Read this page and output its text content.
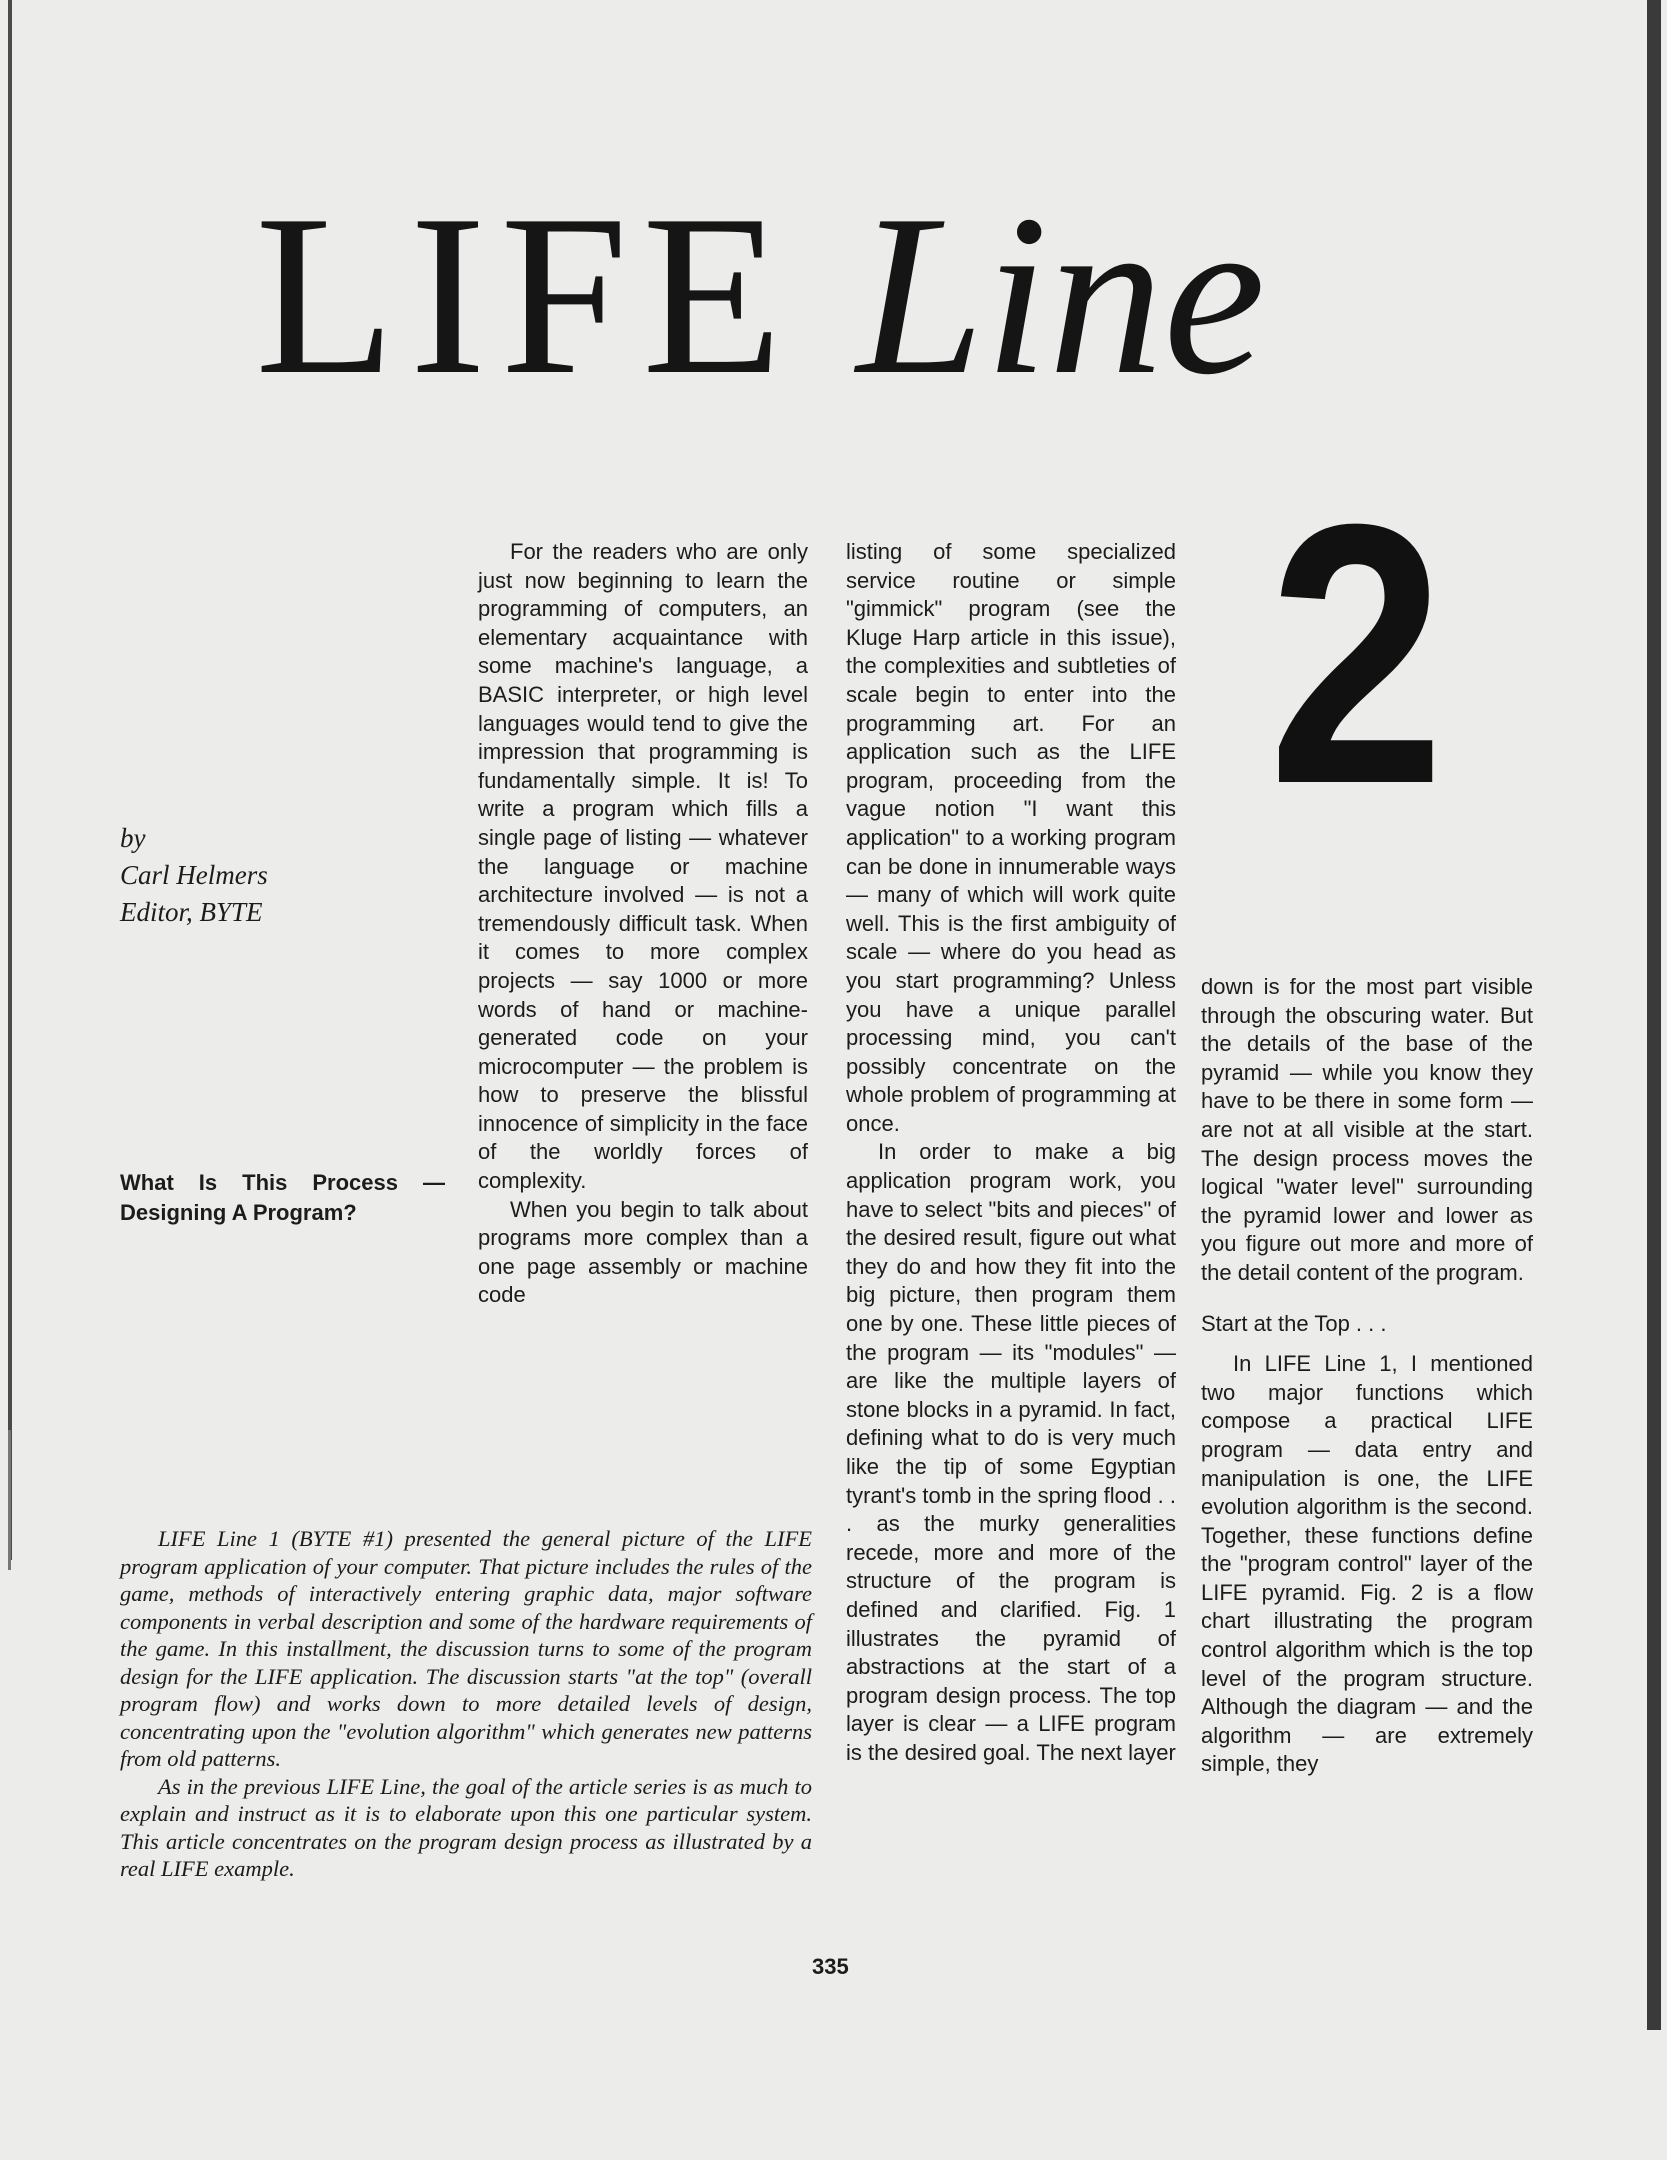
LIFE Line
2
by
Carl Helmers
Editor, BYTE
What Is This Process — Designing A Program?

For the readers who are only just now beginning to learn the programming of computers, an elementary acquaintance with some machine's language, a BASIC interpreter, or high level languages would tend to give the impression that programming is fundamentally simple. It is! To write a program which fills a single page of listing — whatever the language or machine architecture involved — is not a tremendously difficult task. When it comes to more complex projects — say 1000 or more words of hand or machine-generated code on your microcomputer — the problem is how to preserve the blissful innocence of simplicity in the face of the worldly forces of complexity.

When you begin to talk about programs more complex than a one page assembly or machine code

listing of some specialized service routine or simple "gimmick" program (see the Kluge Harp article in this issue), the complexities and subtleties of scale begin to enter into the programming art. For an application such as the LIFE program, proceeding from the vague notion "I want this application" to a working program can be done in innumerable ways — many of which will work quite well. This is the first ambiguity of scale — where do you head as you start programming? Unless you have a unique parallel processing mind, you can't possibly concentrate on the whole problem of programming at once.

In order to make a big application program work, you have to select "bits and pieces" of the desired result, figure out what they do and how they fit into the big picture, then program them one by one. These little pieces of the program — its "modules" — are like the multiple layers of stone blocks in a pyramid. In fact, defining what to do is very much like the tip of some Egyptian tyrant's tomb in the spring flood . . . as the murky generalities recede, more and more of the structure of the program is defined and clarified. Fig. 1 illustrates the pyramid of abstractions at the start of a program design process. The top layer is clear — a LIFE program is the desired goal. The next layer

down is for the most part visible through the obscuring water. But the details of the base of the pyramid — while you know they have to be there in some form — are not at all visible at the start. The design process moves the logical "water level" surrounding the pyramid lower and lower as you figure out more and more of the detail content of the program.

Start at the Top . . .

In LIFE Line 1, I mentioned two major functions which compose a practical LIFE program — data entry and manipulation is one, the LIFE evolution algorithm is the second. Together, these functions define the "program control" layer of the LIFE pyramid. Fig. 2 is a flow chart illustrating the program control algorithm which is the top level of the program structure. Although the diagram — and the algorithm — are extremely simple, they

LIFE Line 1 (BYTE #1) presented the general picture of the LIFE program application of your computer. That picture includes the rules of the game, methods of interactively entering graphic data, major software components in verbal description and some of the hardware requirements of the game. In this installment, the discussion turns to some of the program design for the LIFE application. The discussion starts "at the top" (overall program flow) and works down to more detailed levels of design, concentrating upon the "evolution algorithm" which generates new patterns from old patterns.

As in the previous LIFE Line, the goal of the article series is as much to explain and instruct as it is to elaborate upon this one particular system. This article concentrates on the program design process as illustrated by a real LIFE example.

335
